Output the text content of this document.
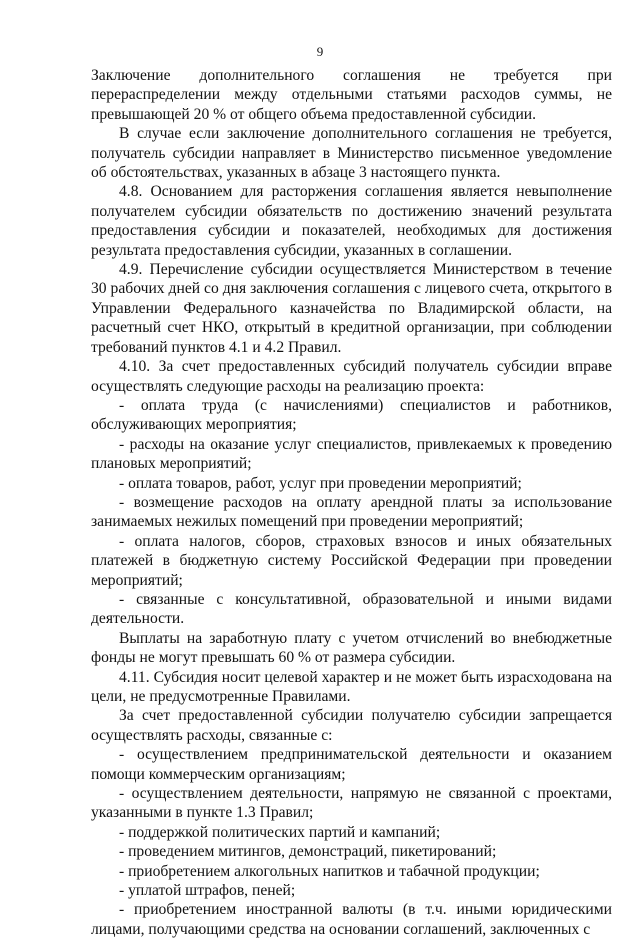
9

Заключение дополнительного соглашения не требуется при перераспределении между отдельными статьями расходов суммы, не превышающей 20 % от общего объема предоставленной субсидии.

В случае если заключение дополнительного соглашения не требуется, получатель субсидии направляет в Министерство письменное уведомление об обстоятельствах, указанных в абзаце 3 настоящего пункта.

4.8. Основанием для расторжения соглашения является невыполнение получателем субсидии обязательств по достижению значений результата предоставления субсидии и показателей, необходимых для достижения результата предоставления субсидии, указанных в соглашении.

4.9. Перечисление субсидии осуществляется Министерством в течение 30 рабочих дней со дня заключения соглашения с лицевого счета, открытого в Управлении Федерального казначейства по Владимирской области, на расчетный счет НКО, открытый в кредитной организации, при соблюдении требований пунктов 4.1 и 4.2 Правил.

4.10. За счет предоставленных субсидий получатель субсидии вправе осуществлять следующие расходы на реализацию проекта:

- оплата труда (с начислениями) специалистов и работников, обслуживающих мероприятия;

- расходы на оказание услуг специалистов, привлекаемых к проведению плановых мероприятий;

- оплата товаров, работ, услуг при проведении мероприятий;

- возмещение расходов на оплату арендной платы за использование занимаемых нежилых помещений при проведении мероприятий;

- оплата налогов, сборов, страховых взносов и иных обязательных платежей в бюджетную систему Российской Федерации при проведении мероприятий;

- связанные с консультативной, образовательной и иными видами деятельности.

Выплаты на заработную плату с учетом отчислений во внебюджетные фонды не могут превышать 60 % от размера субсидии.

4.11. Субсидия носит целевой характер и не может быть израсходована на цели, не предусмотренные Правилами.

За счет предоставленной субсидии получателю субсидии запрещается осуществлять расходы, связанные с:

- осуществлением предпринимательской деятельности и оказанием помощи коммерческим организациям;

- осуществлением деятельности, напрямую не связанной с проектами, указанными в пункте 1.3 Правил;

- поддержкой политических партий и кампаний;

- проведением митингов, демонстраций, пикетирований;

- приобретением алкогольных напитков и табачной продукции;

- уплатой штрафов, пеней;

- приобретением иностранной валюты (в т.ч. иными юридическими лицами, получающими средства на основании соглашений, заключенных с
